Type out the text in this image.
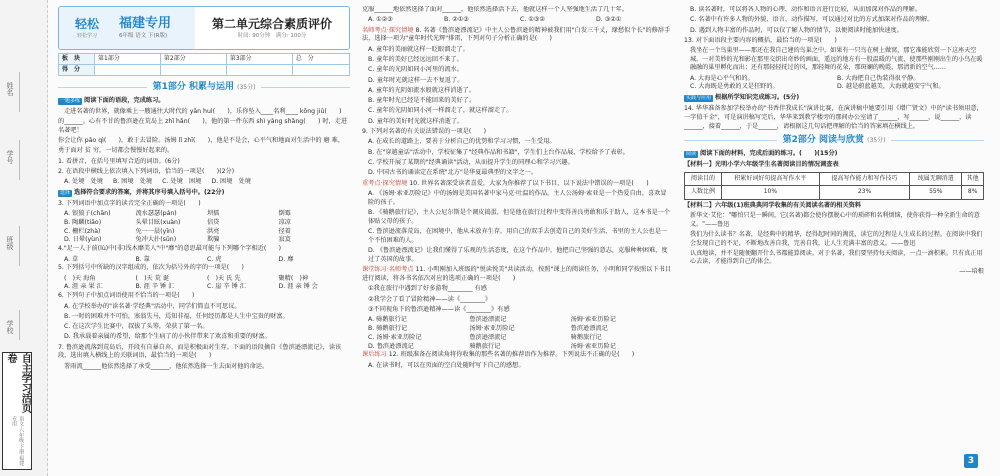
姓名
学号
班级
学校
自主学习活页卷
语文·六年级·下册·福建专用
轻松
轻松学习
福建专用
6年级 语文 下(R版)
第二单元综合素质评价
时间: 90分钟　满分: 100分
板　块	第1部分	第2部分	第3部分	总　分
得　分				
第1部分 积累与运用 (35分)
一题多练 阅读下面的语段，完成练习。
走进名著的世界，就像乘上一艘通往大时代的 yān huì(　　)，乐你坠入____名利____ kōng jiǔ(　　)
的______。心有不甘的鲁滨逊在荒岛上 zhǐ hǎn(　　)，他的第一件东西 shì yàng shǎng(　　) 时，走进名著吧！
你会让你 pāo qì(　　)，敢于去冒险。汤姆 lǐ zhī(　　)，他是不是会，心平气和地面对生活中的 磨 难，
勇于面对 贫 穷，一切都会慢慢好起来的。
1. 看拼音，在括号里填写合适的词语。(6分)
2. 在语段中横线上依次填入下列词语，恰当的一项是(　　)(2分)
A. 处境　处境 B. 困境　处境 C. 处境　困境 D. 困境　处境
选择 选择符合要求的答案，并将其序号填入括号中。(22分)
3. 下列词语中加点字的读音完全正确的一项是(　　)
A. 银狼子(chān)	流水瑟瑟(pán)	坝擂	倒霉
B. 陶麟(tiāo)	头晕目眩(xuàn)	信贷	凉凉
C. 栅栏(zhà)	免一一晨(yīn)	洪亮	径着
D. 日晕(yùn)	兔冲大扑(sǔn)	欺骗	寂寞
4."足一人于前(lù)中(非)浅木靡美人"中"靡"的意思最可能与下列哪个字相近(　　)
A. 草	B. 靠	C. 虎	D. 靡
5. 下列括号中所缺的汉字组成的，依次为括号外的字的一项是(　　)
(　)天 海角	(　)天 荒 诞	(　)天 氏 先	聚精(　)神
A. 涯 亲 果 汇	B. 涯 辛 锤 汇	C. 崖 辛 锤 汇	D. 涯 亲 锤 会
6. 下列句子中加点词语使用不恰当的一项是(　　)
A. 在学校举办的"读名著·学经典"活动中，同学们简直不可思议。
B. 一时的困难并不可怕，塞翁失马，焉知非福，任何经历都是人生中宝贵的财富。
C. 在这次学生比赛中，叔拔了头筹，荣获了第一名。
D. 我承载着亲属的希望，给那个生病了的小伙伴带来了欢喜和重要的财富。
7. 鲁滨逊流落到荒岛后，开段有自暴自弃，而是积极面对生存。下面的语段摘自《鲁滨逊漂流记》，读该段，选出填入横线上的关联词语，最恰当的一项是(　　)
署雨流______他依然选择了承受______，他依然选择一生去面对他的命运。
克服______地依然选择了面对______，他依然选择活下去，他就这样一个人坚强地生活了几十年。
A. ①②③	B. ②①③	C. ①③②	D. ③②①
名师考点·探究情境 8. 名著《鲁滨逊漂流记》中主人公鲁滨逊的精神被我们用"白发三千丈，缘愁似个长"的修辞手法，选择一项为"童年时代光辉"排雷，下列对句子分析正确的是(　　)
A. 童年的美丽就这样一眨眼溜走了。
B. 童年的美好已经远远回不来了。
C. 童年的光阴如同小河里的流水。
D. 童年时光就这样一去不复返了。
A. 童年的光阴如流水般就这样消逝了。
B. 童年时光已经是不能回来的美好了。
C. 童年的光阴如同小河一样溜走了，就这样溜走了。
D. 童年的美好时光就这样消逝了。
9. 下列对名著的有关说法错误的一项是(　　)
A. 在成长的道路上，要善于分析自己的优势和学习习惯，一生受用。
B. 在"穿越童话"活动中，学校征集了"经典作品和书籍"，学生们上台作品展，学校给予了表彰。
C. 学校开展了某期的"经典诵读"活动，从而提升学生的同理心和学习兴趣。
D. 中国古书的诵读定在系统"北方"是华夏最典型的文字之一。
重考点·探究情境 10. 世界名著深受读者喜爱，大家为你推荐了以下书目，以下说法中错误的一项是(　　)
A. 《汤姆·索亚历险记》中的汤姆是美国名著中家马克·吐温的作品，主人公汤姆·索亚是一个热爱自由，喜欢冒险的孩子。
B. 《骑鹅旅行记》，主人公尼尔斯是个调皮捣蛋，但是他在旅行过程中变得善良勇敢和乐于助人，这本书是一个体贴父母的孩子。
C. 鲁滨逊流落荒岛，在困境中，他从未放弃生存，用自己的双手去创造自己的美好生活，书里的主人公也是一个不怕困难的人。
D. 《鲁滨逊漂流记》让我们懂得了乐观的生活态度，在这个作品中，他把自己坚强的意志，克服种种困难，度过了英国的故事。
课堂练习·名师考点 11. 小明刚加入班级的"悦读悦美"共读活动，按照"课上的阅读任务，小明和同学按照以下书目进行阅读，将各书名依次对应的选项正确的一项是(　　)
①我在旅行中遇到了好多游物________ 有感
②我学会了看了冒险精神——读《________》
③不同视角下的鲁滨逊精神——读《________》有感
A. 骑鹅旅行记	鲁滨逊漂流记	汤姆·索亚历险记
B. 骑鹅旅行记	汤姆·索亚历险记	鲁滨逊漂流记
C. 汤姆·索亚历险记	鲁滨逊漂流记	骑鹅旅行记
D. 鲁滨逊漂流记	骑鹅旅行记	汤姆·索亚历险记
课后练习 12. 班级准备在阅读角将你收集的那些名著的推荐语作为推荐。下列说法不正确的是(　　)
A. 在读书时，可以在页面的空白处随时写下自己的感想。
B. 读名著时，可以将各人物的心理、动作和语言进行比较，从而加深对作品的理解。
C. 名著中有许多人物的外貌、语言、动作描写，可以通过对比的方式加深对作品的理解。
D. 遇到人物丰富的作品时，可以仅了解人物的情节，以便阅读时能加快速度。
13. 对下面语段主要内容的概括，最恰当的一项是(　　)
我坐在一个鸟巢里——那还在我自己建的鸟巢之中，如果有一只鸟在树上做窝，那它准能欣赏一下这座天空城。一对美妙的光和影在那里交织出奇妙的画面，遥远的地方有一股温暖的气流，使那些刚刚出生的小鸟在暖融融的巢里孵化而出；还有那轻轻抚过的风，那轻舞的花朵，那斑斓的晚霞，那清新的空气……
A. 大海是心平气和的。	B. 大海把自己伪装得很平静。
C. 大海既是勇敢的又是狂野的。	D. 越是蔚蓝越美，大海就越安宁气和。
实践与应用 根据所学知识完成练习。(5分)
14. 华华准备参加学校举办的"书香伴我成长"演讲比赛，在演讲稿中她要引用《增广贤文》中的"读书须用意，一字值千金"，可是演讲稿写完后，华华来到教学楼旁的那间办公室请了______，写______，说______，读______，接着______，于是______，请根据这几句话把理解的恰当的答案填在横线上。
第2部分 阅读与欣赏 (35分)
阅读 阅读下面的材料，完成后面的练习。(　　)(15分)
【材料一】光明小学六年级学生名著阅读目的情况调查表
阅读目的	积累好词好句提高写作水平	提高写作能力和写作技巧	纯属无聊消遣	其他
人数比例	10%	23%	55%	8%
【材料二】六年级(1)班典典同学收集的有关阅读名著的相关资料
新华文·艾伦："哪怕只是一瞬间，它(名著)都会使你摆脱心中的琐碎和名利烦恼，使你获得一种全新生命的意义。"——鲁迅
我们为什么读书？名著，是经典中的精华，经得起时间的淘洗，读它的过程是人生成长的过程。在阅读中我们会发现自己的不足，不断地改善自我，完善自我，让人生充满丰富的意义。——鲁迅
认真地读，并不是随便翻开什么书都能算阅读。对于名著，我们要坚持每天阅读，一点一滴积累。只有真正用心去读，才能得到自己的体会。
——培根
3
